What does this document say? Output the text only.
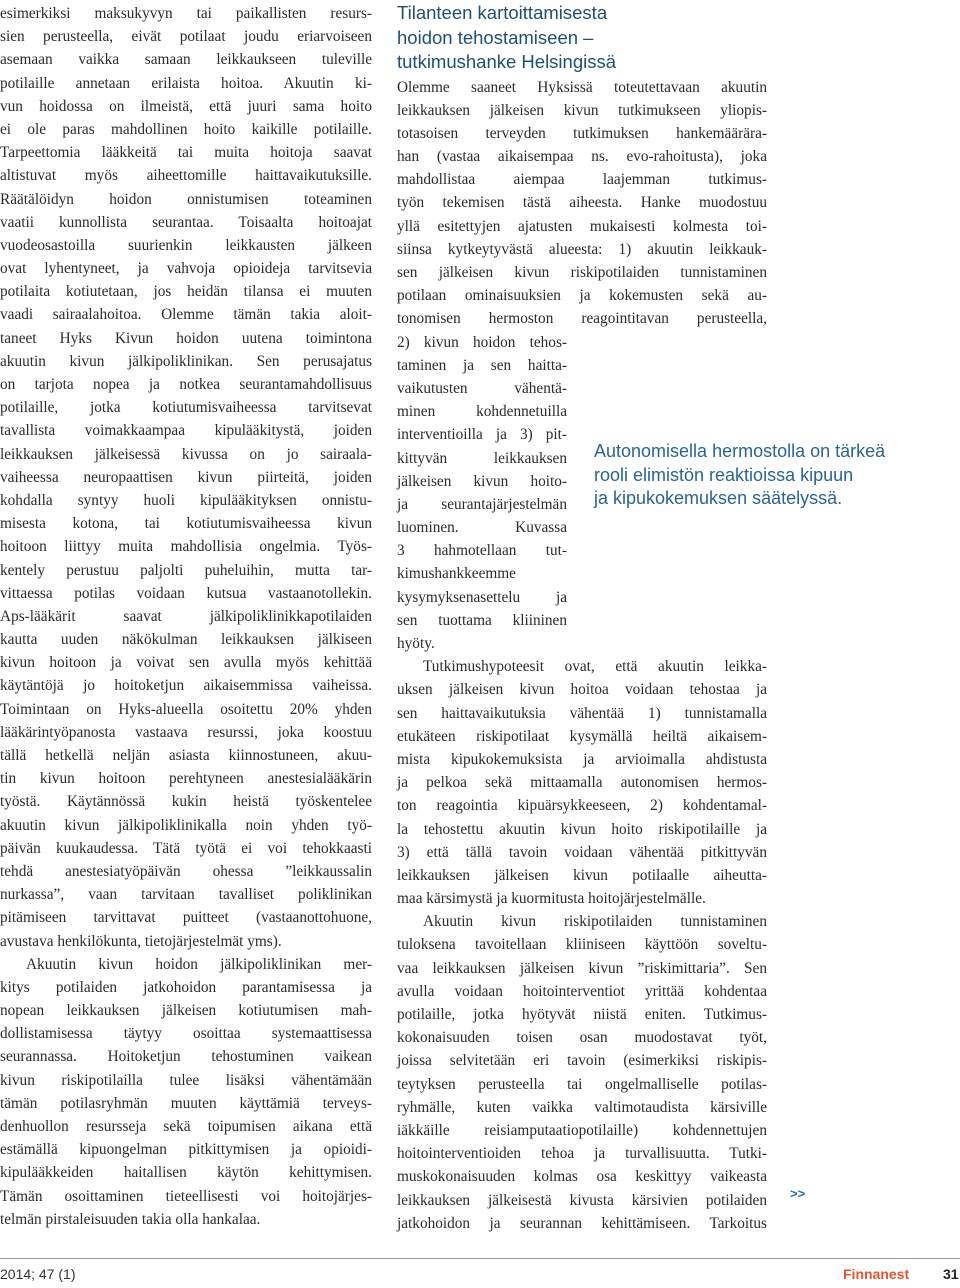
esimerkiksi maksukyvyn tai paikallisten resurs-
sien perusteella, eivät potilaat joudu eriarvoiseen
asemaan vaikka samaan leikkaukseen tuleville
potilaille annetaan erilaista hoitoa. Akuutin ki-
vun hoidossa on ilmeistä, että juuri sama hoito
ei ole paras mahdollinen hoito kaikille potilaille.
Tarpeettomia lääkkeitä tai muita hoitoja saavat
altistuvat myös aiheettomille haittavaikutuksille.
Räätälöidyn hoidon onnistumisen toteaminen
vaatii kunnollista seurantaa. Toisaalta hoitoajat
vuodeosastoilla suurienkin leikkausten jälkeen
ovat lyhentyneet, ja vahvoja opioideja tarvitsevia
potilaita kotiutetaan, jos heidän tilansa ei muuten
vaadi sairaalahoitoa. Olemme tämän takia aloit-
taneet Hyks Kivun hoidon uutena toimintona
akuutin kivun jälkipoliklinikan. Sen perusajatus
on tarjota nopea ja notkea seurantamahdollisuus
potilaille, jotka kotiutumisvaiheessa tarvitsevat
tavallista voimakkaampaa kipulääkitystä, joiden
leikkauksen jälkeisessä kivussa on jo sairaala-
vaiheessa neuropaattisen kivun piirteitä, joiden
kohdalla syntyy huoli kipulääkityksen onnistu-
misesta kotona, tai kotiutumisvaiheessa kivun
hoitoon liittyy muita mahdollisia ongelmia. Työs-
kentely perustuu paljolti puheluihin, mutta tar-
vittaessa potilas voidaan kutsua vastaanotollekin.
Aps-lääkärit saavat jälkipoliklinikkapotilaiden
kautta uuden näkökulman leikkauksen jälkiseen
kivun hoitoon ja voivat sen avulla myös kehittää
käytäntöjä jo hoitoketjun aikaisemmissa vaiheissa.
Toimintaan on Hyks-alueella osoitettu 20% yhden
lääkärintyöpanosta vastaava resurssi, joka koostuu
tällä hetkellä neljän asiasta kiinnostuneen, akuu-
tin kivun hoitoon perehtyneen anestesialääkärin
työstä. Käytännössä kukin heistä työskentelee
akuutin kivun jälkipoliklinikalla noin yhden työ-
päivän kuukaudessa. Tätä työtä ei voi tehokkaasti
tehdä anestesiatyöpäivän ohessa ”leikkaussalin
nurkassa”, vaan tarvitaan tavalliset poliklinikan
pitämiseen tarvittavat puitteet (vastaanottohuone,
avustava henkilökunta, tietojärjestelmät yms).
Akuutin kivun hoidon jälkipoliklinikan mer-
kitys potilaiden jatkohoidon parantamisessa ja
nopean leikkauksen jälkeisen kotiutumisen mah-
dollistamisessa täytyy osoittaa systemaattisessa
seurannassa. Hoitoketjun tehostuminen vaikean
kivun riskipotilailla tulee lisäksi vähentämään
tämän potilasryhmän muuten käyttämiä terveys-
denhuollon resursseja sekä toipumisen aikana että
estämällä kipuongelman pitkittymisen ja opioidi-
kipulääkkeiden haitallisen käytön kehittymisen.
Tämän osoittaminen tieteellisesti voi hoitojärjes-
telmän pirstaleisuuden takia olla hankalaa.
Tilanteen kartoittamisesta
hoidon tehostamiseen –
tutkimushanke Helsingissä
Olemme saaneet Hyksissä toteutettavaan akuutin
leikkauksen jälkeisen kivun tutkimukseen yliopis-
totasoisen terveyden tutkimuksen hankemäärära-
han (vastaa aikaisempaa ns. evo-rahoitusta), joka
mahdollistaa aiempaa laajemman tutkimus-
työn tekemisen tästä aiheesta. Hanke muodostuu
yllä esitettyjen ajatusten mukaisesti kolmesta toi-
siinsa kytkeytyvästä alueesta: 1) akuutin leikkauk-
sen jälkeisen kivun riskipotilaiden tunnistaminen
potilaan ominaisuuksien ja kokemusten sekä au-
tonomisen hermoston reagointitavan perusteella,
2) kivun hoidon tehos-
taminen ja sen haitta-
vaikutusten vähentä-
minen kohdennetuilla
interventioilla ja 3) pit-
kittyvän leikkauksen
jälkeisen kivun hoito-
ja seurantajärjestelmän
luominen. Kuvassa
3 hahmotellaan tut-
kimushankkeemme
kysymyksenasettelu ja
sen tuottama kliininen
hyöty.
Tutkimushypoteesit ovat, että akuutin leikka-
uksen jälkeisen kivun hoitoa voidaan tehostaa ja
sen haittavaikutuksia vähentää 1) tunnistamalla
etukäteen riskipotilaat kysymällä heiltä aikaisem-
mista kipukokemuksista ja arvioimalla ahdistusta
ja pelkoa sekä mittaamalla autonomisen hermos-
ton reagointia kipuärsykkeeseen, 2) kohdentamal-
la tehostettu akuutin kivun hoito riskipotilaille ja
3) että tällä tavoin voidaan vähentää pitkittyvän
leikkauksen jälkeisen kivun potilaalle aiheutta-
maa kärsimystä ja kuormitusta hoitojärjestelmälle.
Akuutin kivun riskipotilaiden tunnistaminen
tuloksena tavoitellaan kliiniseen käyttöön soveltu-
vaa leikkauksen jälkeisen kivun ”riskimittaria”. Sen
avulla voidaan hoitointerventiot yrittää kohdentaa
potilaille, jotka hyötyvät niistä eniten. Tutkimus-
kokonaisuuden toisen osan muodostavat työt,
joissa selvitetään eri tavoin (esimerkiksi riskipis-
teytyksen perusteella tai ongelmalliselle potilas-
ryhmälle, kuten vaikka valtimotaudista kärsiville
iäkkäille reisiamputaatiopotilaille) kohdennettujen
hoitointerventioiden tehoa ja turvallisuutta. Tutki-
muskokonaisuuden kolmas osa keskittyy vaikeasta
leikkauksen jälkeisestä kivusta kärsivien potilaiden
jatkohoidon ja seurannan kehittämiseen. Tarkoitus
Autonomisella hermostolla on tärkeä
rooli elimistön reaktioissa kipuun
ja kipukokemuksen säätelyssä.
>>
2014; 47 (1)	Finnanest 31
